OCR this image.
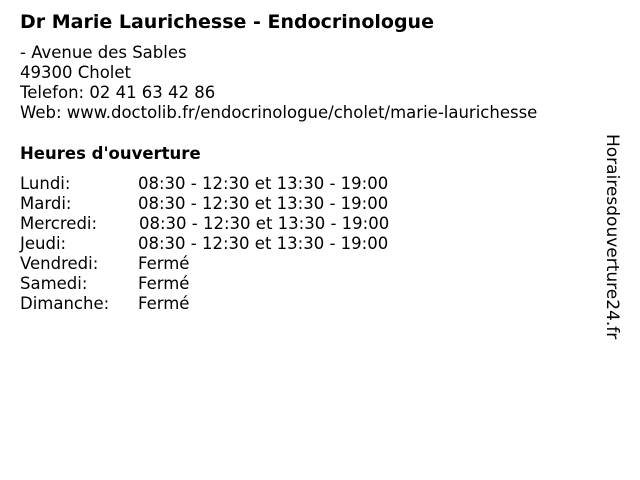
Dr Marie Laurichesse - Endocrinologue
- Avenue des Sables
49300 Cholet
Telefon: 02 41 63 42 86
Web: www.doctolib.fr/endocrinologue/cholet/marie-laurichesse
Heures d'ouverture
Lundi:	08:30 - 12:30 et 13:30 - 19:00
Mardi:	08:30 - 12:30 et 13:30 - 19:00
Mercredi:	08:30 - 12:30 et 13:30 - 19:00
Jeudi:	08:30 - 12:30 et 13:30 - 19:00
Vendredi: Fermé
Samedi:	Fermé
Dimanche: Fermé	Horairesdouverture24.fr
